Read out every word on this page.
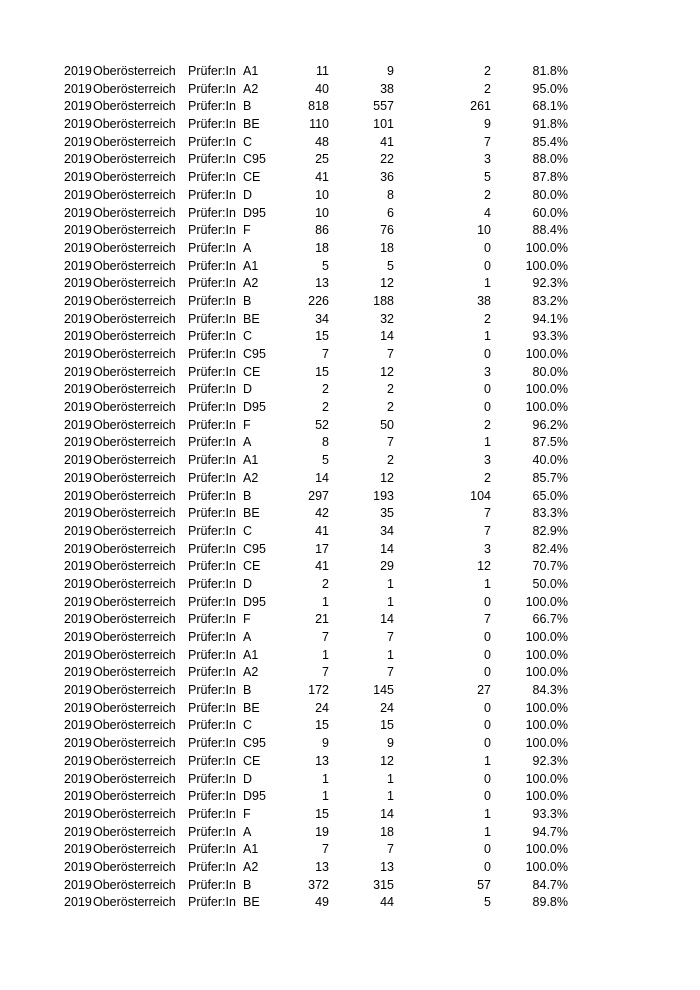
2019 Oberösterreich Prüfer:In A1	11	9	2	81.8%
2019 Oberösterreich Prüfer:In A2	40	38	2	95.0%
2019 Oberösterreich Prüfer:In B	818	557	261	68.1%
2019 Oberösterreich Prüfer:In BE	110	101	9	91.8%
2019 Oberösterreich Prüfer:In C	48	41	7	85.4%
2019 Oberösterreich Prüfer:In C95	25	22	3	88.0%
2019 Oberösterreich Prüfer:In CE	41	36	5	87.8%
2019 Oberösterreich Prüfer:In D	10	8	2	80.0%
2019 Oberösterreich Prüfer:In D95	10	6	4	60.0%
2019 Oberösterreich Prüfer:In F	86	76	10	88.4%
2019 Oberösterreich Prüfer:In A	18	18	0	100.0%
2019 Oberösterreich Prüfer:In A1	5	5	0	100.0%
2019 Oberösterreich Prüfer:In A2	13	12	1	92.3%
2019 Oberösterreich Prüfer:In B	226	188	38	83.2%
2019 Oberösterreich Prüfer:In BE	34	32	2	94.1%
2019 Oberösterreich Prüfer:In C	15	14	1	93.3%
2019 Oberösterreich Prüfer:In C95	7	7	0	100.0%
2019 Oberösterreich Prüfer:In CE	15	12	3	80.0%
2019 Oberösterreich Prüfer:In D	2	2	0	100.0%
2019 Oberösterreich Prüfer:In D95	2	2	0	100.0%
2019 Oberösterreich Prüfer:In F	52	50	2	96.2%
2019 Oberösterreich Prüfer:In A	8	7	1	87.5%
2019 Oberösterreich Prüfer:In A1	5	2	3	40.0%
2019 Oberösterreich Prüfer:In A2	14	12	2	85.7%
2019 Oberösterreich Prüfer:In B	297	193	104	65.0%
2019 Oberösterreich Prüfer:In BE	42	35	7	83.3%
2019 Oberösterreich Prüfer:In C	41	34	7	82.9%
2019 Oberösterreich Prüfer:In C95	17	14	3	82.4%
2019 Oberösterreich Prüfer:In CE	41	29	12	70.7%
2019 Oberösterreich Prüfer:In D	2	1	1	50.0%
2019 Oberösterreich Prüfer:In D95	1	1	0	100.0%
2019 Oberösterreich Prüfer:In F	21	14	7	66.7%
2019 Oberösterreich Prüfer:In A	7	7	0	100.0%
2019 Oberösterreich Prüfer:In A1	1	1	0	100.0%
2019 Oberösterreich Prüfer:In A2	7	7	0	100.0%
2019 Oberösterreich Prüfer:In B	172	145	27	84.3%
2019 Oberösterreich Prüfer:In BE	24	24	0	100.0%
2019 Oberösterreich Prüfer:In C	15	15	0	100.0%
2019 Oberösterreich Prüfer:In C95	9	9	0	100.0%
2019 Oberösterreich Prüfer:In CE	13	12	1	92.3%
2019 Oberösterreich Prüfer:In D	1	1	0	100.0%
2019 Oberösterreich Prüfer:In D95	1	1	0	100.0%
2019 Oberösterreich Prüfer:In F	15	14	1	93.3%
2019 Oberösterreich Prüfer:In A	19	18	1	94.7%
2019 Oberösterreich Prüfer:In A1	7	7	0	100.0%
2019 Oberösterreich Prüfer:In A2	13	13	0	100.0%
2019 Oberösterreich Prüfer:In B	372	315	57	84.7%
2019 Oberösterreich Prüfer:In BE	49	44	5	89.8%
